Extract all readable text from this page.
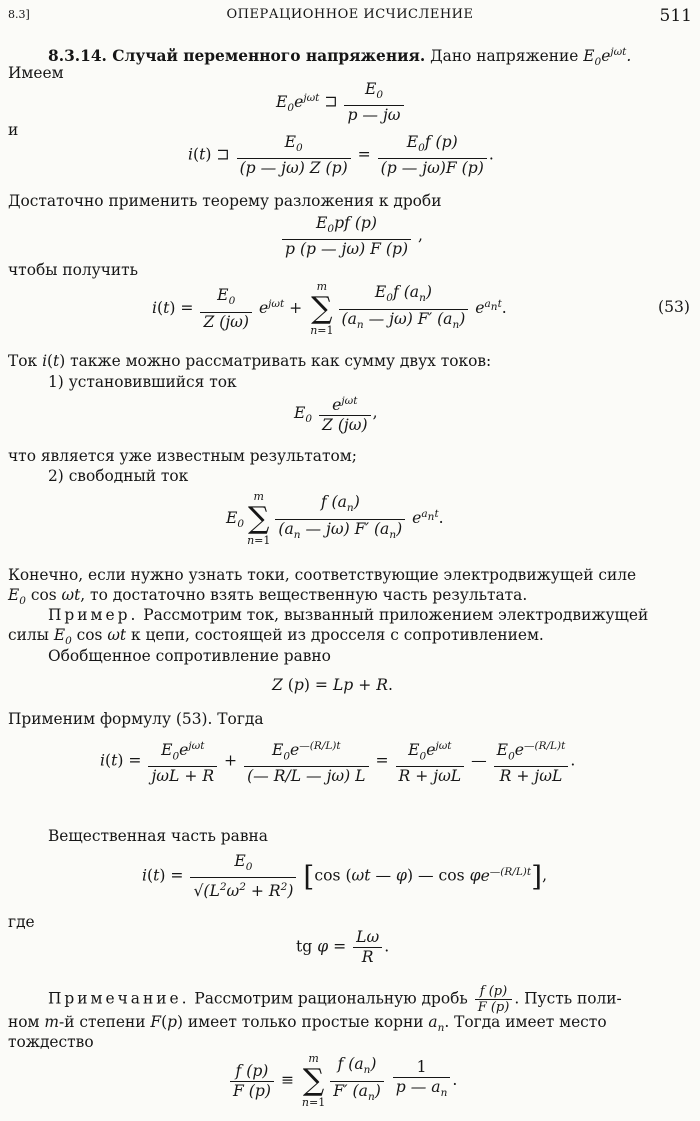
8.3]	ОПЕРАЦИОННОЕ ИСЧИСЛЕНИЕ	511
8.3.14. Случай переменного напряжения. Дано напряжение $E_0e^{j\omega t}$.
Имеем
$E_0e^{j\omega t}$ ⊐ $\frac{E_0}{p — j\omega}$
и
i(t) ⊐ $\frac{E_0}{(p — j\omega) Z (p)} = \frac{E_0f (p)}{(p — j\omega)F (p)}$ .
Достаточно применить теорему разложения к дроби
$\frac{E_0pf (p)}{p (p — j\omega) F (p)}$ ,
чтобы получить
$i(t) = \frac{E_0}{Z (j\omega)} e^{j\omega t}$ +
m
∑
$n=1 \frac{E_0f (a_n)}{(a_n — j\omega) F' (a_n)} e^{a_nt}$.	(53)
Ток i(t) также можно рассматривать как сумму двух токов:
1) установившийся ток
$E_0 \frac{e^{j\omega t}}{Z (j\omega)}$ ,
что является уже известным результатом;
2) свободный ток
$E_0$
m
∑
$n=1 \frac{f (a_n)}{(a_n — j\omega) F' (a_n)} e^{a_nt}$.
Конечно, если нужно узнать токи, соответствующие электродвижущей силе
$E_0$ cos ωt, то достаточно взять вещественную часть результата.
Пример. Рассмотрим ток, вызванный приложением электродвижущей
силы $E_0$ cos ωt к цепи, состоящей из дросселя с сопротивлением.
Обобщенное сопротивление равно
Z (p) = Lp + R.
Применим формулу (53). Тогда
$i(t) = \frac{E_0e^{j\omega t}}{\text{jωL + R}} + \frac{E_0e^{—(R/L)t}}{(— R/L — j\omega) L} = \frac{E_0e^{j\omega t}}{\text{R + jωL}}$ — $\frac{E_0e^{—(R/L)t}}{\text{R + jωL}}$ .
Вещественная часть равна
$i(t) = \frac{E_0}{√(L^2\omega^2 + R^2)} [\cos$ (ωt — φ) — $\cos \varphi e^{—(R/L)t}$],
где
tg $\varphi = \frac{L\omega}{R}$ .
Примечание. Рассмотрим рациональную дробь $\frac{f (p)}{F (p)}$ . Пусть поли-
ном m-й степени F(p) имеет только простые корни $a_n$. Тогда имеет место
тождество
$\frac{f (p)}{F (p)}$ ≡
m
∑
$n=1 \frac{f (a_n)}{F' (a_n)}$
$\frac{1}{p — a_n}$ .
